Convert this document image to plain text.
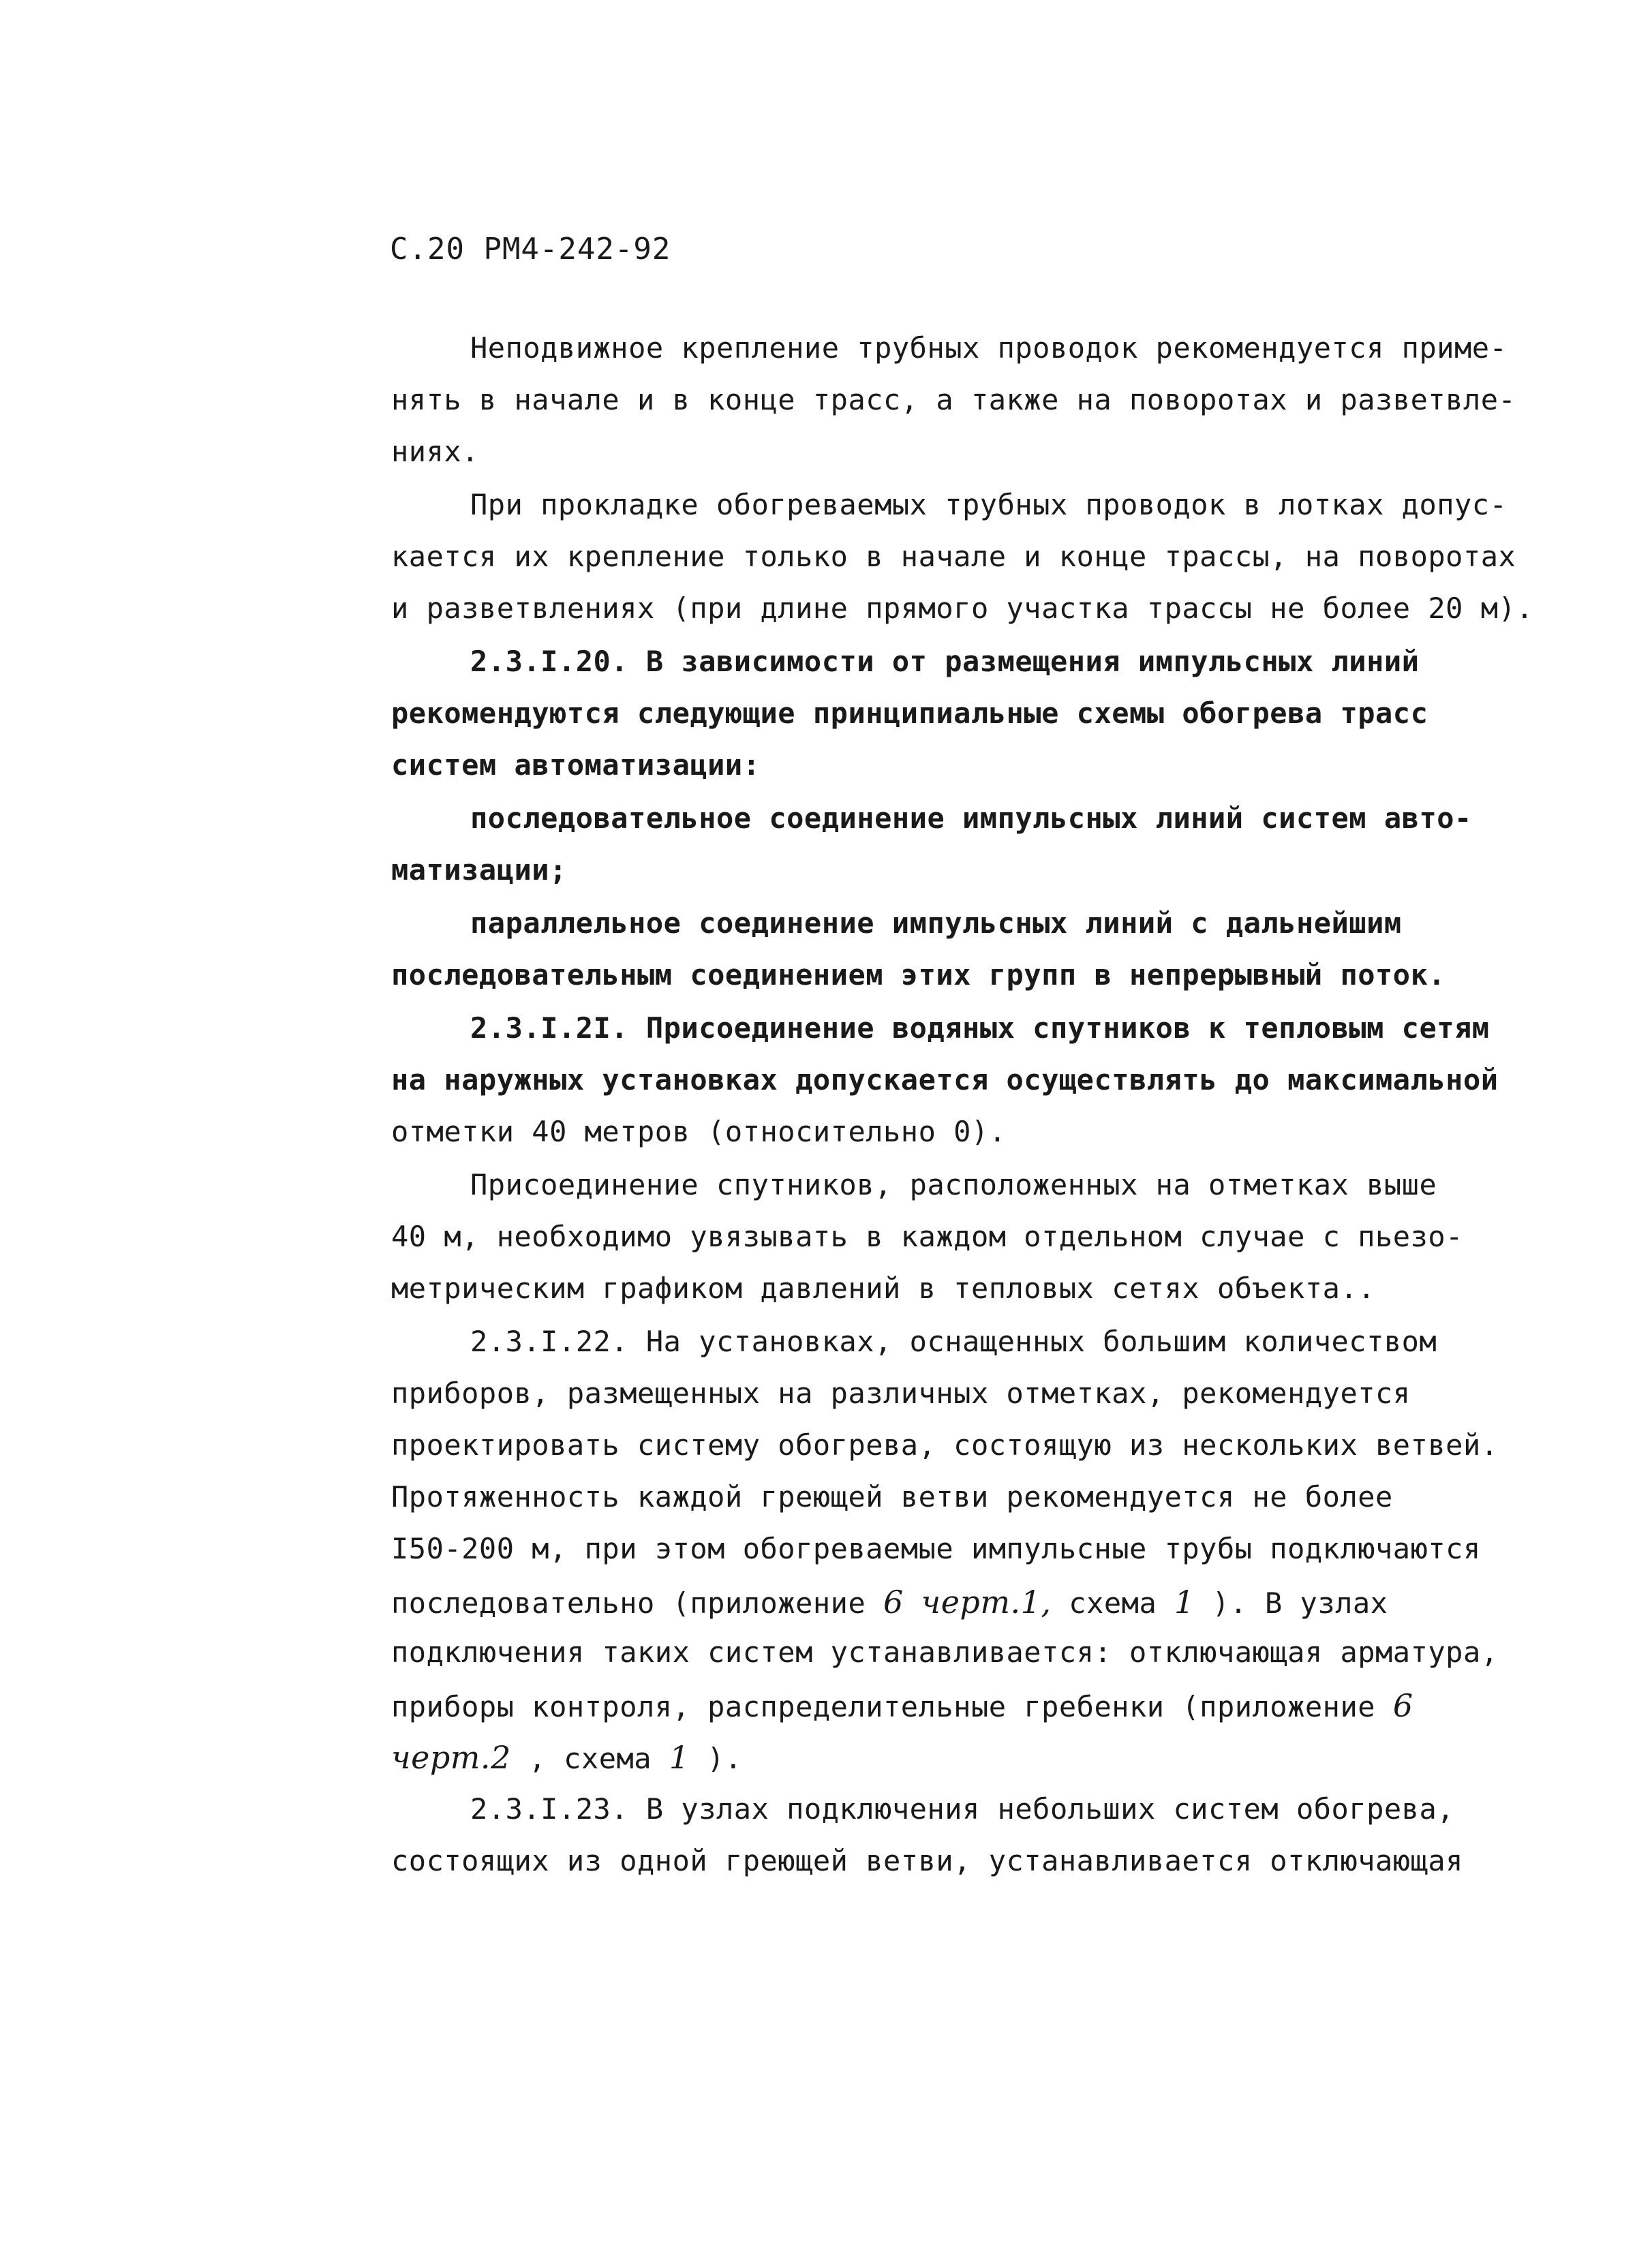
С.20 РМ4-242-92
Неподвижное крепление трубных проводок рекомендуется приме-
нять в начале и в конце трасс, а также на поворотах и разветвле-
ниях.
При прокладке обогреваемых трубных проводок в лотках допус-
кается их крепление только в начале и конце трассы, на поворотах
и разветвлениях (при длине прямого участка трассы не более 20 м).
2.3.I.20. В зависимости от размещения импульсных линий
рекомендуются следующие принципиальные схемы обогрева трасс
систем автоматизации:
последовательное соединение импульсных линий систем авто-
матизации;
параллельное соединение импульсных линий с дальнейшим
последовательным соединением этих групп в непрерывный поток.
2.3.I.2I. Присоединение водяных спутников к тепловым сетям
на наружных установках допускается осуществлять до максимальной
отметки 40 метров (относительно 0).
Присоединение спутников, расположенных на отметках выше
40 м, необходимо увязывать в каждом отдельном случае с пьезо-
метрическим графиком давлений в тепловых сетях объекта..
2.3.I.22. На установках, оснащенных большим количеством
приборов, размещенных на различных отметках, рекомендуется
проектировать систему обогрева, состоящую из нескольких ветвей.
Протяженность каждой греющей ветви рекомендуется не более
I50-200 м, при этом обогреваемые импульсные трубы подключаются
последовательно (приложение 6 черт.1, схема 1 ). В узлах
подключения таких систем устанавливается: отключающая арматура,
приборы контроля, распределительные гребенки (приложение 6
черт.2 , схема 1 ).
2.3.I.23. В узлах подключения небольших систем обогрева,
состоящих из одной греющей ветви, устанавливается отключающая
